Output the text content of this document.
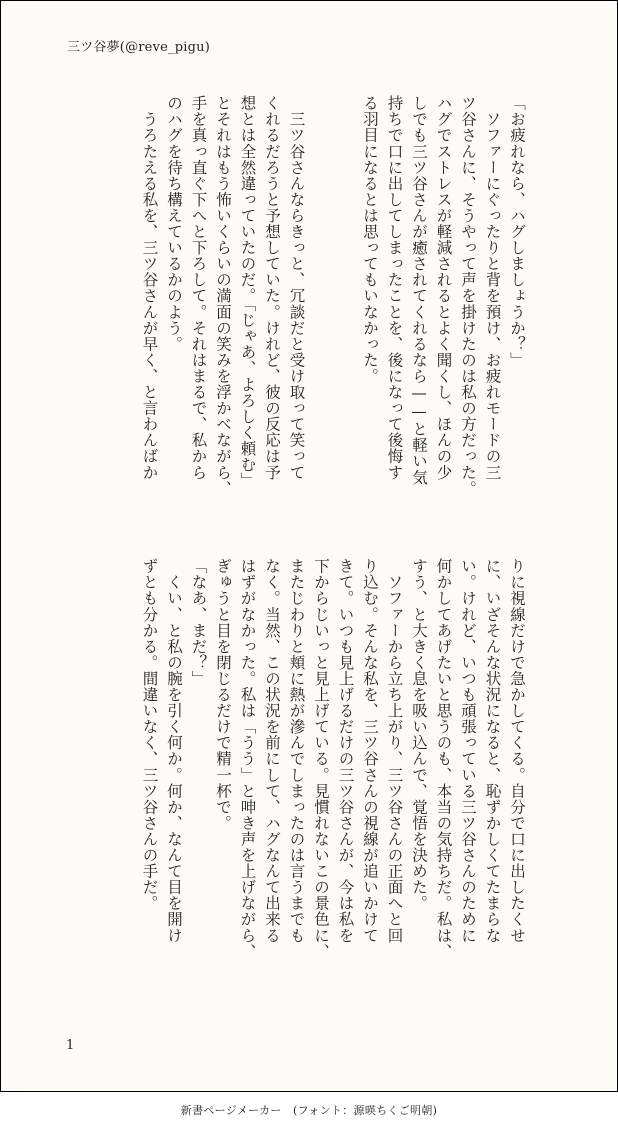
三ツ谷夢(@reve_pigu)
「お疲れなら、ハグしましょうか？」
　ソファーにぐったりと背を預け、お疲れモードの三
ツ谷さんに、そうやって声を掛けたのは私の方だった。
ハグでストレスが軽減されるとよく聞くし、ほんの少
しでも三ツ谷さんが癒されてくれるなら——と軽い気
持ちで口に出してしまったことを、後になって後悔す
る羽目になるとは思ってもいなかった。

　三ツ谷さんならきっと、冗談だと受け取って笑って
くれるだろうと予想していた。けれど、彼の反応は予
想とは全然違っていたのだ。「じゃあ、よろしく頼む」
とそれはもう怖いくらいの満面の笑みを浮かべながら、
手を真っ直ぐ下へと下ろして。それはまるで、私から
のハグを待ち構えているかのよう。
　うろたえる私を、三ツ谷さんが早く、と言わんばか
りに視線だけで急かしてくる。自分で口に出したくせ
に、いざそんな状況になると、恥ずかしくてたまらな
い。けれど、いつも頑張っている三ツ谷さんのために
何かしてあげたいと思うのも、本当の気持ちだ。私は、
すう、と大きく息を吸い込んで、覚悟を決めた。
　ソファーから立ち上がり、三ツ谷さんの正面へと回
り込む。そんな私を、三ツ谷さんの視線が追いかけて
きて。いつも見上げるだけの三ツ谷さんが、今は私を
下からじいっと見上げている。見慣れないこの景色に、
またじわりと頬に熱が滲んでしまったのは言うまでも
なく。当然、この状況を前にして、ハグなんて出来る
はずがなかった。私は「うう」と呻き声を上げながら、
ぎゅうと目を閉じるだけで精一杯で。
「なあ、まだ？」
　くい、と私の腕を引く何か。何か、なんて目を開け
ずとも分かる。間違いなく、三ツ谷さんの手だ。
1
新書ページメーカー　(フォント：源暎ちくご明朝)
